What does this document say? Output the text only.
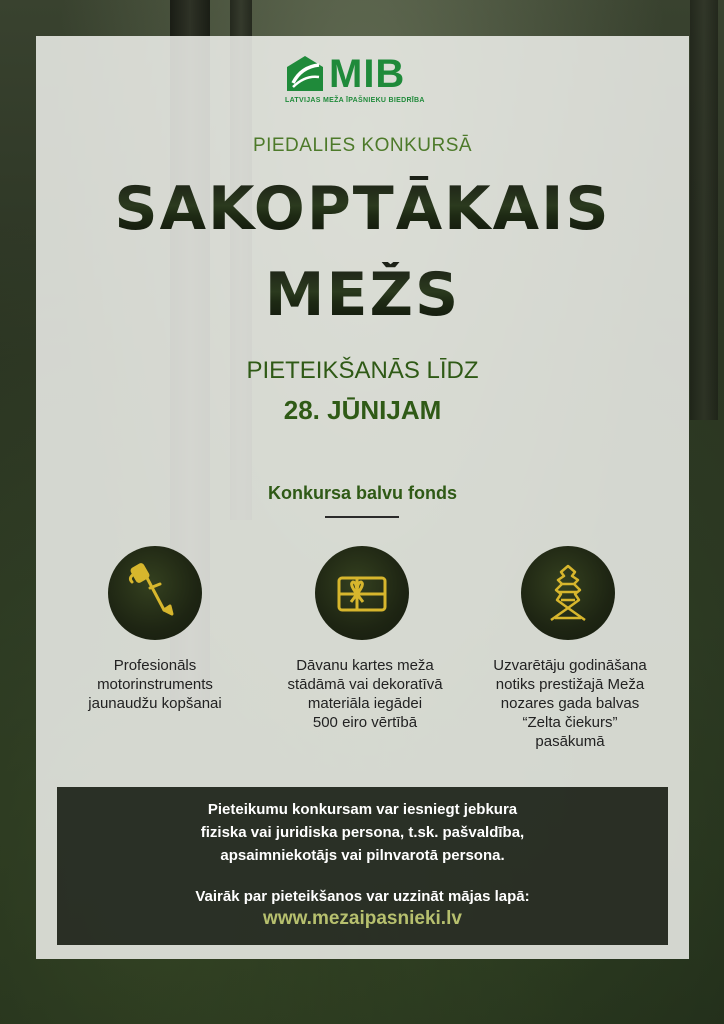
MIB
LATVIJAS MEŽA ĪPAŠNIEKU BIEDRĪBA
PIEDALIES KONKURSĀ
SAKOPTĀKAIS
MEŽS
PIETEIKŠANĀS LĪDZ
28. JŪNIJAM
Konkursa balvu fonds
Profesionāls
motorinstruments
jaunaudžu kopšanai
Dāvanu kartes meža
stādāmā vai dekoratīvā
materiāla iegādei
500 eiro vērtībā
Uzvarētāju godināšana
notiks prestižajā Meža
nozares gada balvas
“Zelta čiekurs”
pasākumā
Pieteikumu konkursam var iesniegt jebkura
fiziska vai juridiska persona, t.sk. pašvaldība,
apsaimniekotājs vai pilnvarotā persona.
Vairāk par pieteikšanos var uzzināt mājas lapā:
www.mezaipasnieki.lv
